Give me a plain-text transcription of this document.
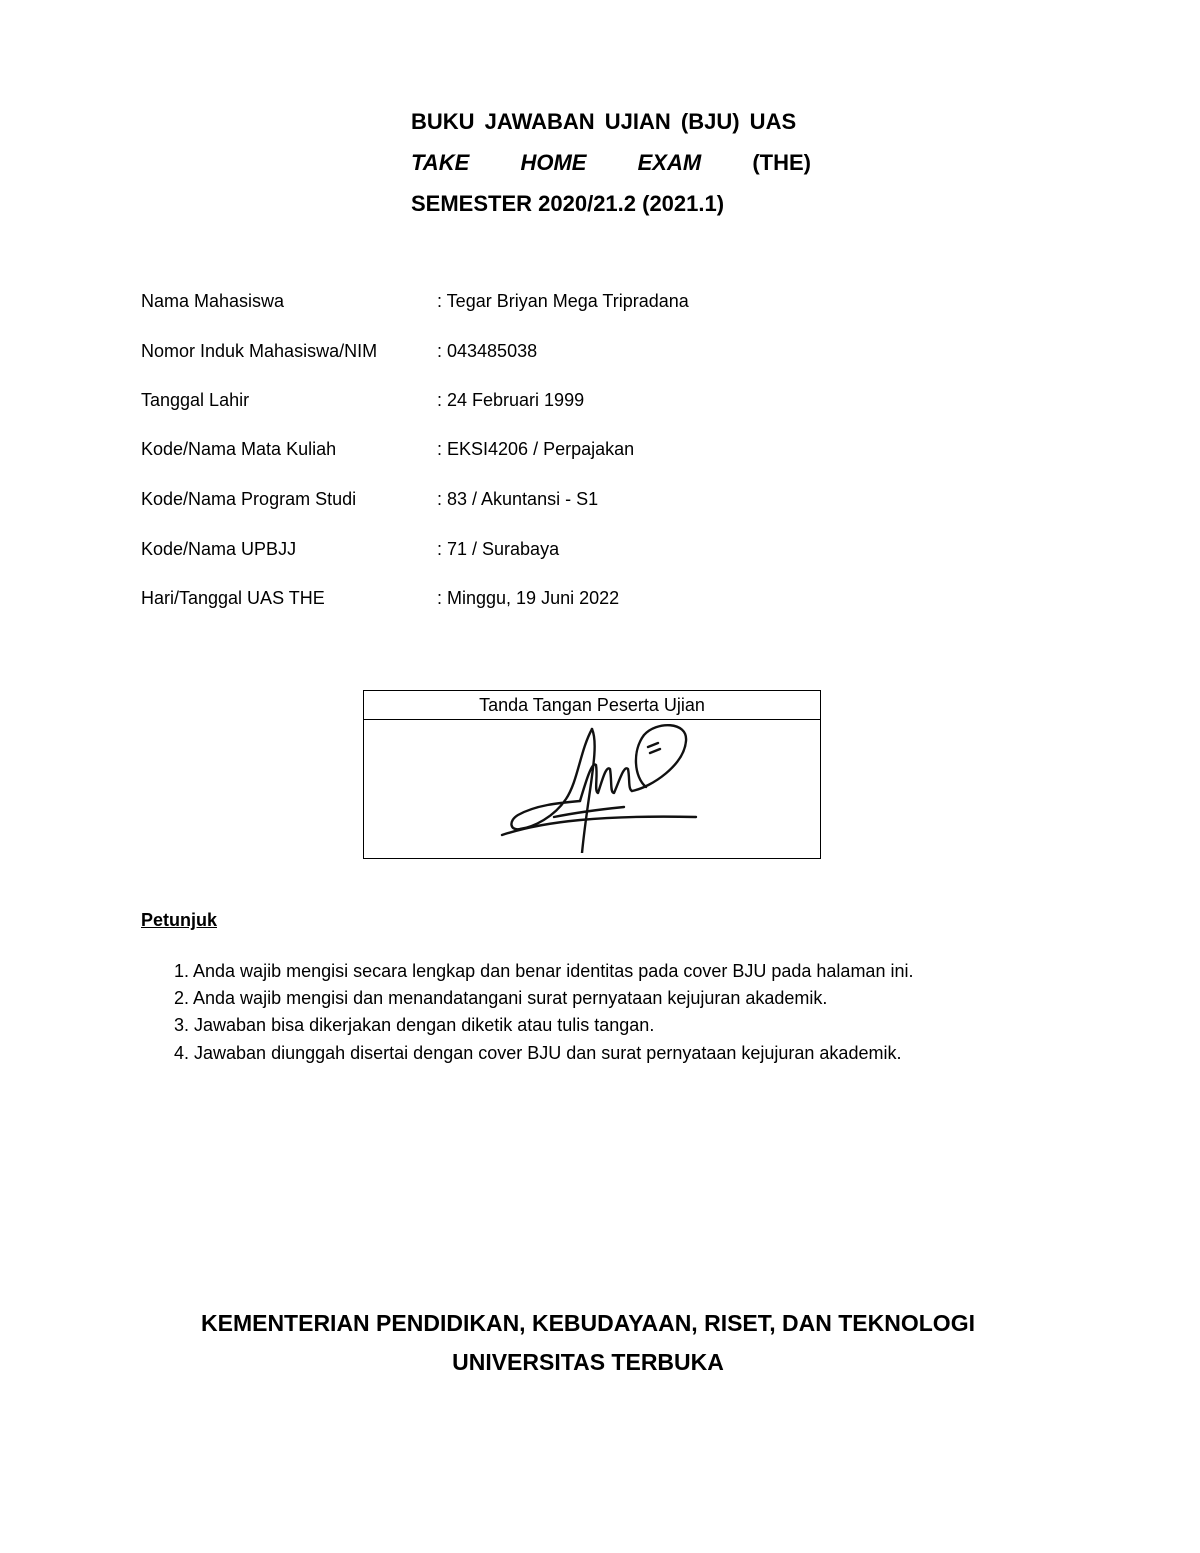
BUKU JAWABAN UJIAN (BJU) UAS
TAKE HOME EXAM (THE)
SEMESTER 2020/21.2 (2021.1)
Nama Mahasiswa	: Tegar Briyan Mega Tripradana
Nomor Induk Mahasiswa/NIM	: 043485038
Tanggal Lahir	: 24 Februari 1999
Kode/Nama Mata Kuliah	: EKSI4206 / Perpajakan
Kode/Nama Program Studi	: 83 / Akuntansi - S1
Kode/Nama UPBJJ	: 71 / Surabaya
Hari/Tanggal UAS THE	: Minggu, 19 Juni 2022
Tanda Tangan Peserta Ujian
Petunjuk
1. Anda wajib mengisi secara lengkap dan benar identitas pada cover BJU pada halaman ini.
2. Anda wajib mengisi dan menandatangani surat pernyataan kejujuran akademik.
3. Jawaban bisa dikerjakan dengan diketik atau tulis tangan.
4. Jawaban diunggah disertai dengan cover BJU dan surat pernyataan kejujuran akademik.
KEMENTERIAN PENDIDIKAN, KEBUDAYAAN, RISET, DAN TEKNOLOGI
UNIVERSITAS TERBUKA
